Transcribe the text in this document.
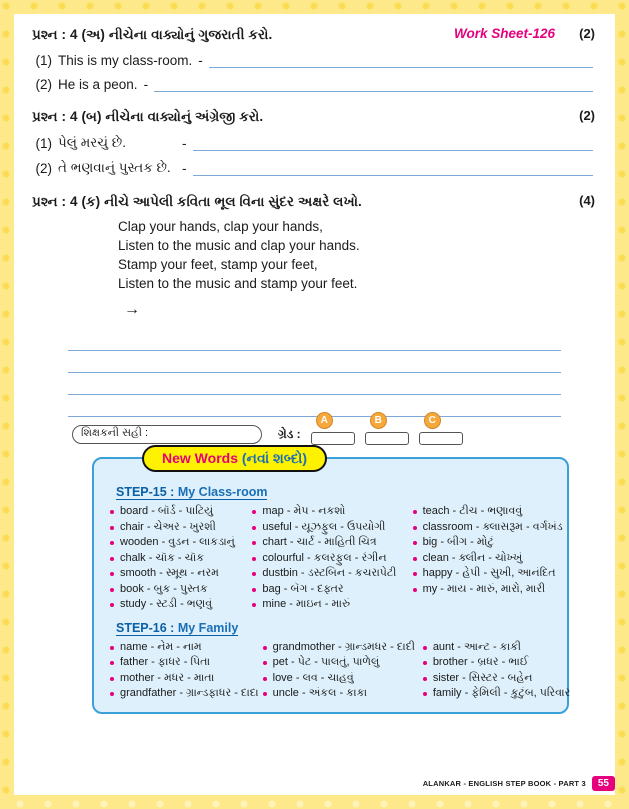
પ્રશ્ન : 4 (અ) નીચેના વાક્યોનું ગુજરાતી કરો.	Work Sheet-126 (2)
(1) This is my class-room. -
(2) He is a peon. -
પ્રશ્ન : 4 (બ) નીચેના વાક્યોનું અંગ્રેજી કરો.	(2)
(1) પેલું મરચું છે.	-
(2) તે ભણવાનું પુસ્તક છે. -
પ્રશ્ન : 4 (ક) નીચે આપેલી કવિતા ભૂલ વિના સુંદર અક્ષરે લખો.	(4)
Clap your hands, clap your hands,
Listen to the music and clap your hands.
Stamp your feet, stamp your feet,
Listen to the music and stamp your feet.
→
શિક્ષકની સહી :	ગ્રેડ :
A	B	C
New Words (નવાં શબ્દો)
STEP-15 : My Class-room
board - બૉર્ડ - પાટિયું
chair - ચેઅર - ખુરશી
wooden - વુડન - લાકડાનું
chalk - ચૉક - ચૉક
smooth - સ્મૂથ - નરમ
book - બુક - પુસ્તક
study - સ્ટડી - ભણવું
map - મેપ - નકશો
useful - યૂઝફુલ - ઉપયોગી
chart - ચાર્ટ - માહિતી ચિત્ર
colourful - કલરફુલ - રંગીન
dustbin - ડસ્ટબિન - કચરાપેટી
bag - બૅગ - દફ્તર
mine - માઇન - મારું
teach - ટીચ - ભણાવવું
classroom - ક્લાસરૂમ - વર્ગખંડ
big - બીગ - મોટું
clean - ક્લીન - ચોખ્ખું
happy - હેપી - સુખી, આનંદિત
my - માય - મારું, મારો, મારી
STEP-16 : My Family
name - નેમ - નામ
father - ફાધર - પિતા
mother - મધર - માતા
grandfather - ગ્રાન્ડફાધર - દાદા
grandmother - ગ્રાન્ડમધર - દાદી
pet - પેટ - પાલતું, પાળેલું
love - લવ - ચાહવું
uncle - અંકલ - કાકા
aunt - આન્ટ - કાકી
brother - બ્રધર - ભાઈ
sister - સિસ્ટર - બહેન
family - ફેમિલી - કુટુંબ, પરિવાર
ALANKAR - ENGLISH STEP BOOK - PART 3	55
